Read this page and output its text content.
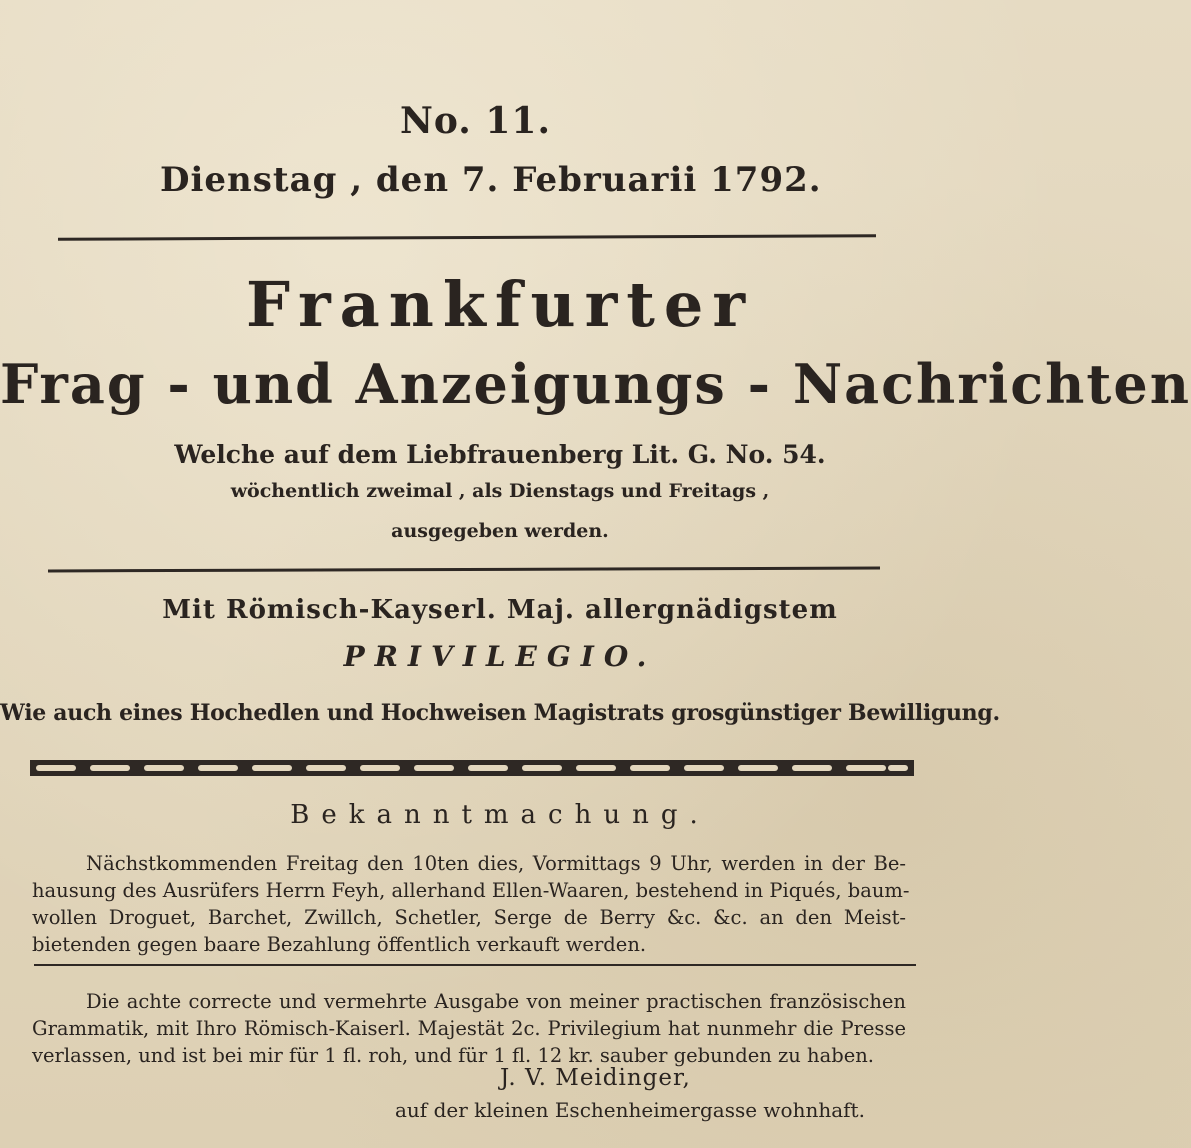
No. 11.
Dienstag , den 7. Februarii 1792.
Frankfurter
Frag - und Anzeigungs - Nachrichten
Welche auf dem Liebfrauenberg Lit. G. No. 54.
wöchentlich zweimal , als Dienstags und Freitags ,
ausgegeben werden.
Mit Römisch-Kayserl. Maj. allergnädigstem
PRIVILEGIO.
Wie auch eines Hochedlen und Hochweisen Magistrats grosgünstiger Bewilligung.
Bekanntmachung.
Nächstkommenden Freitag den 10ten dies, Vormittags 9 Uhr, werden in der Be-
hausung des Ausrüfers Herrn Feyh, allerhand Ellen-Waaren, bestehend in Piqués, baum-
wollen Droguet, Barchet, Zwillch, Schetler, Serge de Berry &c. &c. an den Meist-
bietenden gegen baare Bezahlung öffentlich verkauft werden.
Die achte correcte und vermehrte Ausgabe von meiner practischen französischen
Grammatik, mit Ihro Römisch-Kaiserl. Majestät 2c. Privilegium hat nunmehr die Presse
verlassen, und ist bei mir für 1 fl. roh, und für 1 fl. 12 kr. sauber gebunden zu haben.
J. V. Meidinger,
auf der kleinen Eschenheimergasse wohnhaft.
